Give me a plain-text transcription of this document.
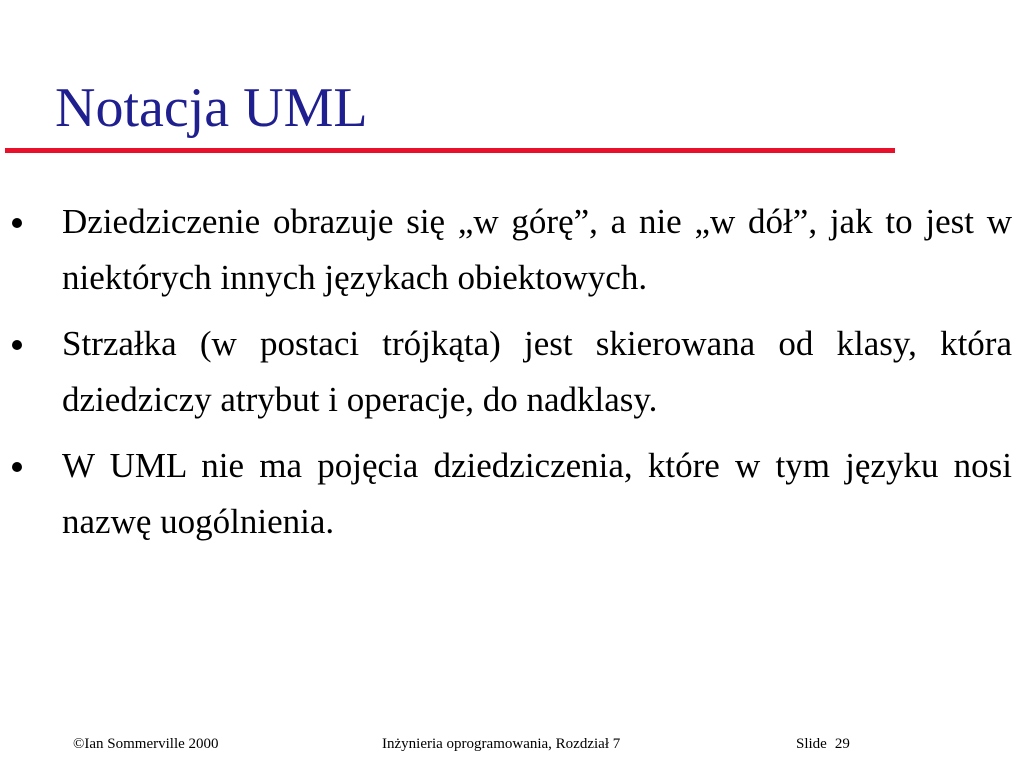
Notacja UML
Dziedziczenie obrazuje się „w górę”, a nie „w dół”, jak to jest w niektórych innych językach obiektowych.
Strzałka (w postaci trójkąta) jest skierowana od klasy, która dziedziczy atrybut i operacje, do nadklasy.
W UML nie ma pojęcia dziedziczenia, które w tym języku nosi nazwę uogólnienia.
©Ian Sommerville 2000	Inżynieria oprogramowania, Rozdział 7	Slide 29
